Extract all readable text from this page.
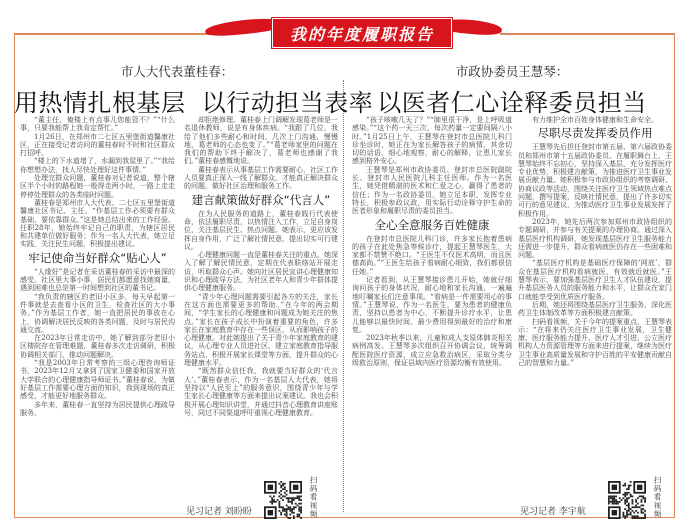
我的年度履职报告
市人大代表董桂春：
用热情扎根基层  以行动担当表率

“董主任，俺楼上有点事儿您能管不？”“什么事，只要我能帮上我肯定帮忙。”

1月26日，在郑州市二七区五里堡街道馨康社区，正在接受记者访问的董桂春时不时和社区群众打招呼。

“楼上的下水道堵了，水漏到我屋里了。”“我给你想想办法，找人尽快处理好这件事情。”

处理完群众问题，董桂春对记者说道，整个辖区半个小时的路程她一般得走两小时，一路上走走停停处理群众的各类临时问题。

董桂春是郑州市人大代表、二七区五里堡街道馨康社区书记、主任。“作基层工作必须要有群众基础，要依靠群众。”这是她总结出来的工作经验。任职28年，她始终牢记自己的职责，为辖区居民和共建单位做好服务；作为一名人大代表，她立足实践，关注民生问题，积极提出建议。

牢记使命当好群众“贴心人”

“人缘好”是记者在采访董桂春的采访中最深的感受。社区里大事小事，居民们都愿意找她商量，遇到困难也总是第一时间想到社区的董书记。

“我负责的辖区的老旧小区多，每天早起第一件事就是去查看小区的卫生，检查社区的大小事务。”作为基层工作者，她一直把居民的事放在心上，协调解决居民反映的各类问题，及时与居民沟通交流。

在2023年日常走访中，她了解到部分老旧小区楼院存在管理难题，董桂春多次走访调研，积极协调相关部门，推动问题解决。

“我是2003年日常考察的三级心理咨询师证书，2023年12月又拿到了国家卫健委和国家开放大学联合的心理健康指导师证书。”董桂春说，为做好基层工作需要心理方面的知识，我到现场的真正感受，才能更好地服务群众。

多年来，董桂春一直坚持为居民提供心理疏导服务。

却拒绝修理。董桂春上门调解发现葛老师是一名退休教师，说是有身体疾病。“我跟了几位，我给了他们多些耐心和时间，几次上门沟通，慢慢地，葛老师的心态也变了。”“葛老师家里的问题在我们的帮助下终于解决了，葛老师也感谢了我们。”董桂春感慨地说。

董桂春表示从事基层工作需要耐心，社区工作人员要真正深入一线了解群众，才能真正解决群众的问题，做好社区治理和服务工作。

建言献策做好群众“代言人”

在为人民服务的道路上，董桂春践行代表使命，依法履职尽责，以热情注入工作，立足自身岗位，关注基层民生、热点问题。她表示，更应该发挥自身作用，广泛了解社情民意，提出切实可行建议。

心理健康问题一直是董桂春关注的重点。她深入了解了解民情民意，定期在代表联络站开展走访，听取群众心声。她向社区居民宣讲心理健康知识和心理疏导方法，为社区老年人和青少年群体提供心理健康服务。

“青少年心理问题需要引起各方的关注，家长在这方面也需要更多的帮助。”在今年的两会期间，“学生家长的心理健康和问题成为她关注的焦点。”家长在孩子成长中扮演着重要的角色，许多家长在家庭教育中存在一些误区，从而影响孩子的心理健康。对此她提出了关于青少年家庭教育的建议，从心理专业人员进社区、建立家庭教育指导服务站点、积极开展家长课堂等方面，提升群众的心理健康水平。

“既然群众信任我，我就要当好群众的‘代言人’。”董桂春表示，作为一名基层人大代表，她将坚持以“人民至上”的服务意识，围绕青少年与学生家长心理健康等方面来提出议案建议。我也会积极开展心理知识讲堂，并通过抖音心理教育讲座账号，同过不同渠道呼吁重视心理健康教育。

见习记者 刘盼盼	扫码看视频
市政协委员王慧琴：
以医者仁心诠释委员担当

“孩子咳嗽几天了？”“肺里很干净，是上呼吸道感染。”“这个药一天三次，每次药量一定要间隔八小时。”1月25日上午，王慧琴在登封市总医院儿科门诊坐诊时，她正在为家长解答孩子的病情，其余切切的话语，细心地观察，耐心的解释，让患儿家长感到格外安心。

王慧琴是郑州市政协委员、登封市总医院副院长、登封市人民医院儿科主任医师。作为一名医生，她凭借精湛的医术和仁爱之心，赢得了患者的信任；作为一名政协委员，她立足本职，发挥专业特长，积极参政议政，用实际行动诠释守护生命的医者形象和履职尽责的委员担当。

全心全意服务百姓健康

在登封市总医院儿科门诊，许多家长抱着患病的孩子在此处焦急等候诊疗，提起王慧琴医生，大家都不禁赞不绝口。“王医生不仅医术高明，而且医德高尚。”“王医生给孩子看病耐心细致，我们都很信任她。”

记者看到，从王慧琴接诊患儿开始，她就仔细询问孩子的身体状况，耐心地和家长沟通，一遍遍地叮嘱家长们注意事项。“看病是一件需要用心的事情。”王慧琴说，作为一名医生，要为患者的健康负责，坚持以患者为中心，不断提升诊疗水平，让患儿能够以最快时间、最少费用得到最好的治疗和康复。

2023年秋季以来，儿童和成人支原体肺炎相关病例高发。王慧琴多次组织召开协调会议，统筹调配医院医疗资源，成立应急救治病区，采取分类分级救治原则，保证县域内医疗资源均衡有效使用。

有力维护全市百姓身体健康和生命安全。

尽职尽责发挥委员作用

王慧琴先后担任登封市第五届、第六届政协委员和郑州市第十五届政协委员。在履职舞台上，王慧琴始终不忘初心，坚持深入基层，充分发挥医疗专业优势，积极建言献策，为推进医疗卫生事业发展贡献力量。她积极参与市政协组织的考察调研、协商议政等活动，围绕关注医疗卫生领域热点难点问题，撰写提案，反映社情民意，提出了许多切实可行的意见建议，为推动医疗卫生事业发展发挥了积极作用。

2023年，她先后两次参加郑州市政协组织的专题调研，并参与有关提案的办理协商。通过深入基层医疗机构调研，她发现基层医疗卫生服务能力还需进一步提升，群众看病就医仍存在一些困难和问题。

“基层医疗机构是基础医疗保障的‘网底’，群众在基层医疗机构看病就医，有效就近就医。”王慧琴表示，要加强基层医疗卫生人才队伍建设，提升基层医务人员的服务能力和水平，让群众在家门口就能享受到优质医疗服务。

后期，她还将围绕基层医疗卫生服务、深化医药卫生体制改革等方面积极建言献策。

扫码看视频，关于今年的提案重点，王慧琴表示：“在将来仍关注医疗卫生事业发展，卫生健康、医疗服务能力提升、医疗人才引进、公立医疗机构人力资源管理等方面来进行提案，继续为医疗卫生事业高质量发展和守护百姓的平安健康贡献自己的智慧和力量。”

见习记者 李宇航	扫码看视频
